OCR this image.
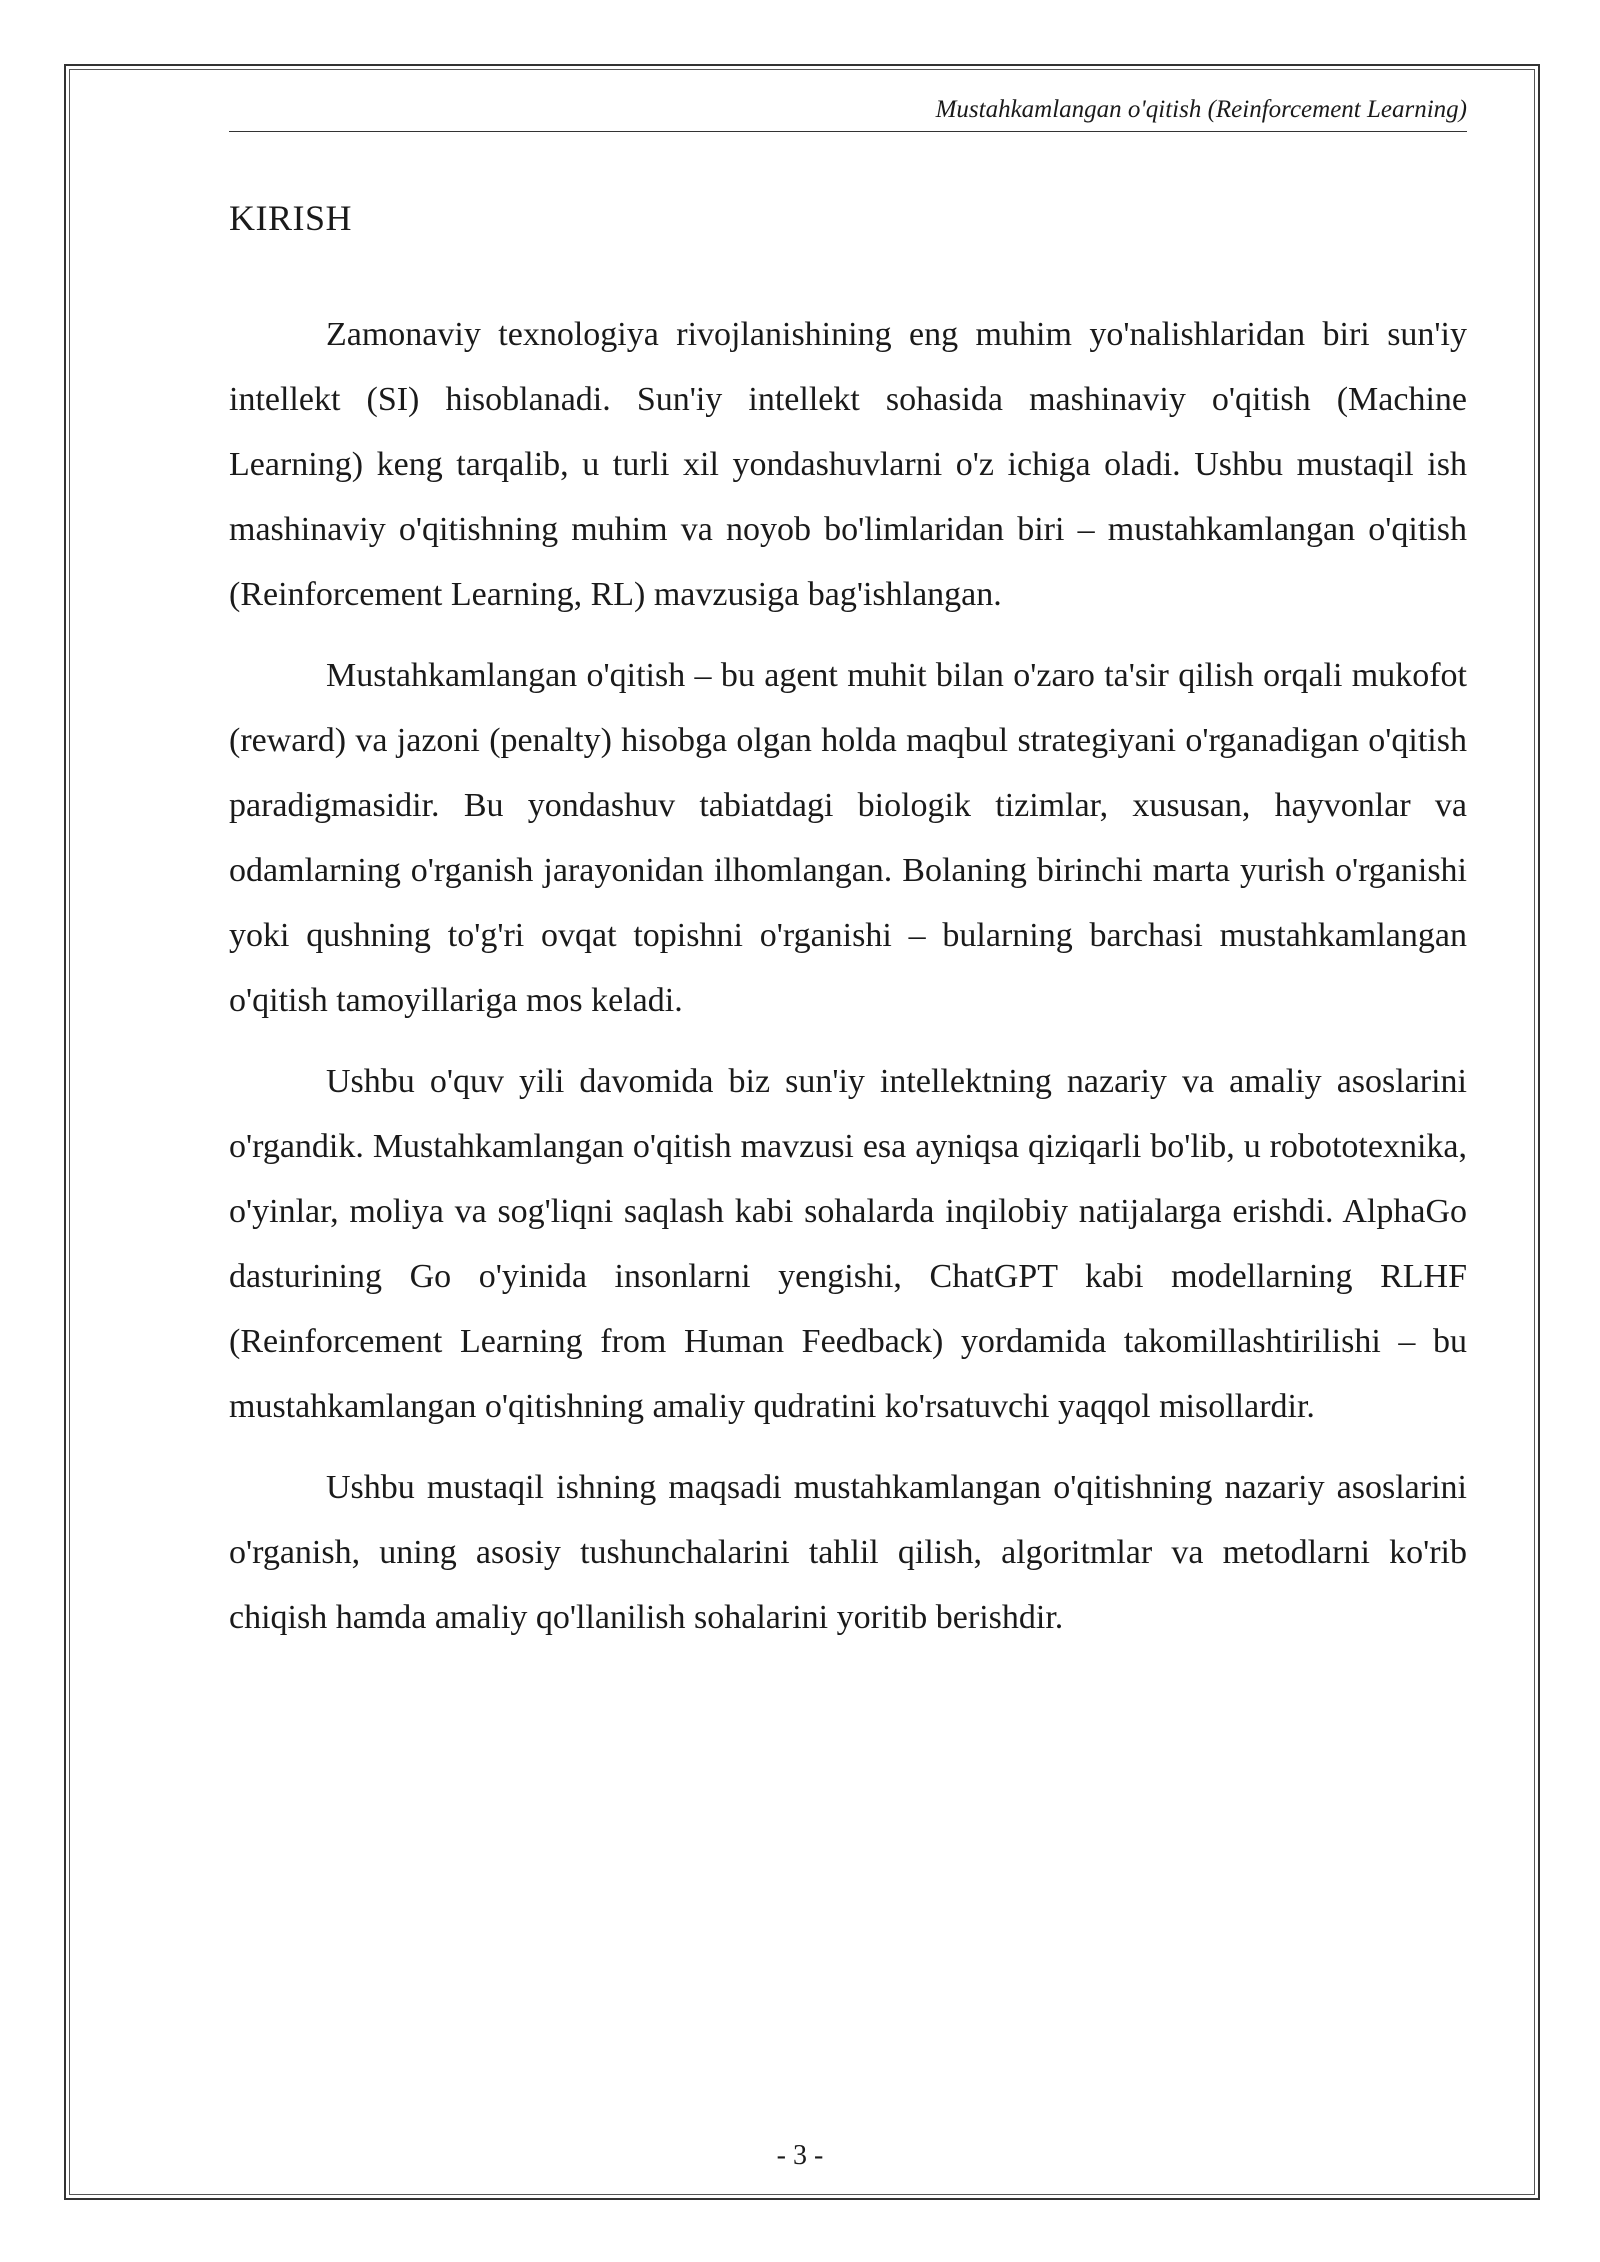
Mustahkamlangan o'qitish (Reinforcement Learning)
KIRISH

Zamonaviy texnologiya rivojlanishining eng muhim yo'nalishlaridan biri sun'iy intellekt (SI) hisoblanadi. Sun'iy intellekt sohasida mashinaviy o'qitish (Machine Learning) keng tarqalib, u turli xil yondashuvlarni o'z ichiga oladi. Ushbu mustaqil ish mashinaviy o'qitishning muhim va noyob bo'limlaridan biri – mustahkamlangan o'qitish (Reinforcement Learning, RL) mavzusiga bag'ishlangan.

Mustahkamlangan o'qitish – bu agent muhit bilan o'zaro ta'sir qilish orqali mukofot (reward) va jazoni (penalty) hisobga olgan holda maqbul strategiyani o'rganadigan o'qitish paradigmasidir. Bu yondashuv tabiatdagi biologik tizimlar, xususan, hayvonlar va odamlarning o'rganish jarayonidan ilhomlangan. Bolaning birinchi marta yurish o'rganishi yoki qushning to'g'ri ovqat topishni o'rganishi – bularning barchasi mustahkamlangan o'qitish tamoyillariga mos keladi.

Ushbu o'quv yili davomida biz sun'iy intellektning nazariy va amaliy asoslarini o'rgandik. Mustahkamlangan o'qitish mavzusi esa ayniqsa qiziqarli bo'lib, u robototexnika, o'yinlar, moliya va sog'liqni saqlash kabi sohalarda inqilobiy natijalarga erishdi. AlphaGo dasturining Go o'yinida insonlarni yengishi, ChatGPT kabi modellarning RLHF (Reinforcement Learning from Human Feedback) yordamida takomillashtirilishi – bu mustahkamlangan o'qitishning amaliy qudratini ko'rsatuvchi yaqqol misollardir.

Ushbu mustaqil ishning maqsadi mustahkamlangan o'qitishning nazariy asoslarini o'rganish, uning asosiy tushunchalarini tahlil qilish, algoritmlar va metodlarni ko'rib chiqish hamda amaliy qo'llanilish sohalarini yoritib berishdir.

- 3 -
